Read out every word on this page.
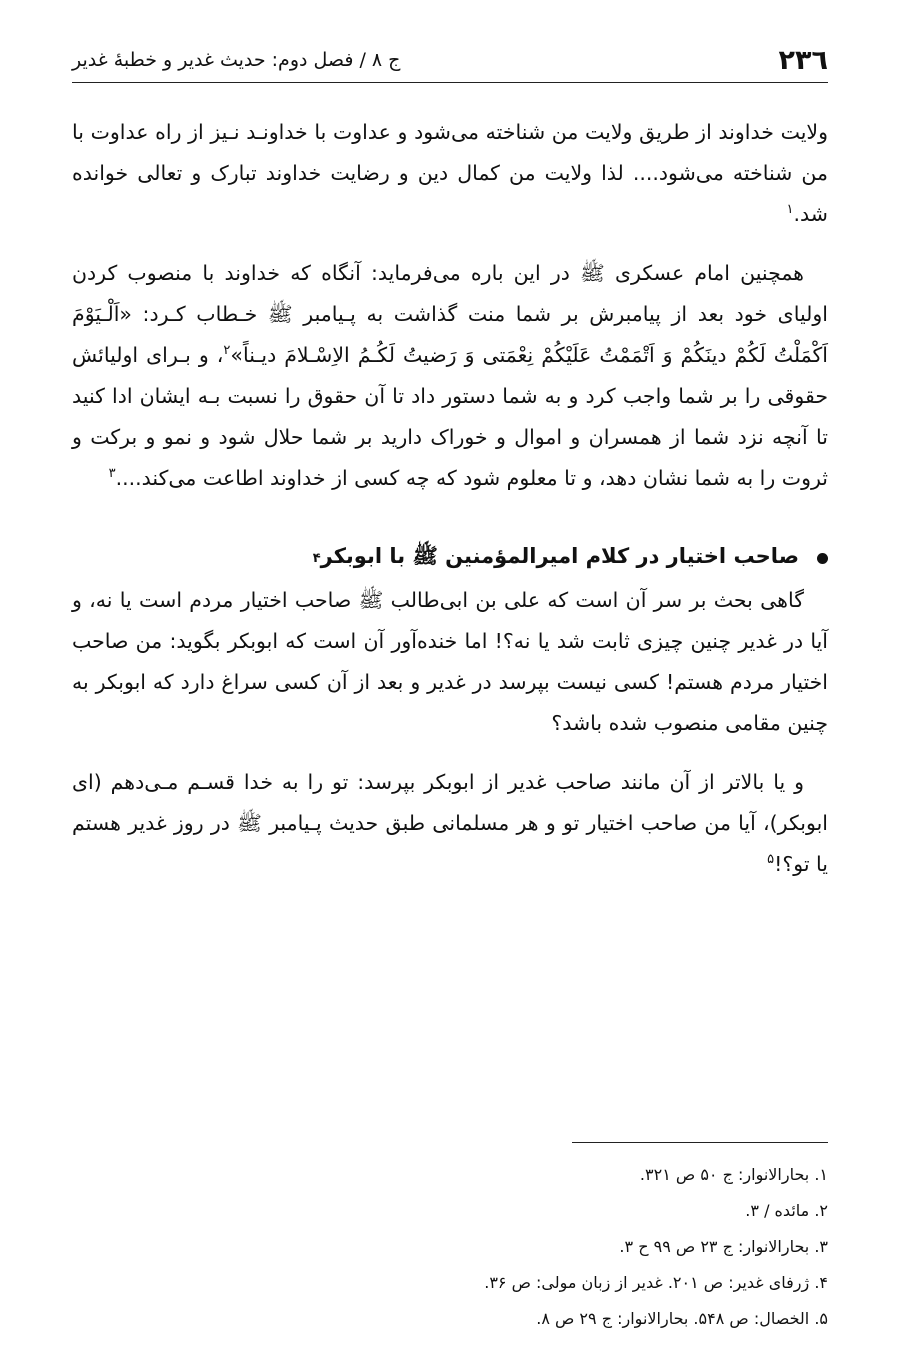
۲۳٦
ج ۸ / فصل دوم: حدیث غدیر و خطبهٔ غدیر

ولایت خداوند از طریق ولایت من شناخته می‌شود و عداوت با خداونـد نـیز از راه عداوت با من شناخته می‌شود.... لذا ولایت من کمال دین و رضایت خداوند تبارک و تعالی خوانده شد.$^۱$

همچنین امام عسکری ﷺ در این باره می‌فرماید: آنگاه که خداوند با منصوب کردن اولیای خود بعد از پیامبرش بر شما منت گذاشت به پـیامبر ﷺ خـطاب کـرد: «اَلْـیَوْمَ اَکْمَلْتُ لَکُمْ دینَکُمْ وَ اَتْمَمْتُ عَلَیْکُمْ نِعْمَتی وَ رَضیتُ لَکُـمُ الاِسْـلامَ دیـناً»$^۲$، و بـرای اولیائش حقوقی را بر شما واجب کرد و به شما دستور داد تا آن حقوق را نسبت بـه ایشان ادا کنید تا آنچه نزد شما از همسران و اموال و خوراک دارید بر شما حلال شود و نمو و برکت و ثروت را به شما نشان دهد، و تا معلوم شود که چه کسی از خداوند اطاعت می‌کند....$^۳$

صاحب اختیار در کلام امیرالمؤمنین ﷺ با ابوبکر
۴

گاهی بحث بر سر آن است که علی بن ابی‌طالب ﷺ صاحب اختیار مردم است یا نه، و آیا در غدیر چنین چیزی ثابت شد یا نه؟! اما خنده‌آور آن است که ابوبکر بگوید: من صاحب اختیار مردم هستم! کسی نیست بپرسد در غدیر و بعد از آن کسی سراغ دارد که ابوبکر به چنین مقامی منصوب شده باشد؟

و یا بالاتر از آن مانند صاحب غدیر از ابوبکر بپرسد: تو را به خدا قسـم مـی‌دهم (ای ابوبکر)، آیا من صاحب اختیار تو و هر مسلمانی طبق حدیث پـیامبر ﷺ در روز غدیر هستم یا تو؟!$^۵$

۱. بحارالانوار: ج ۵۰ ص ۳۲۱.
۲. مائده / ۳.
۳. بحارالانوار: ج ۲۳ ص ۹۹ ح ۳.
۴. ژرفای غدیر: ص ۲۰۱. غدیر از زبان مولی: ص ۳۶.
۵. الخصال: ص ۵۴۸. بحارالانوار: ج ۲۹ ص ۸.
